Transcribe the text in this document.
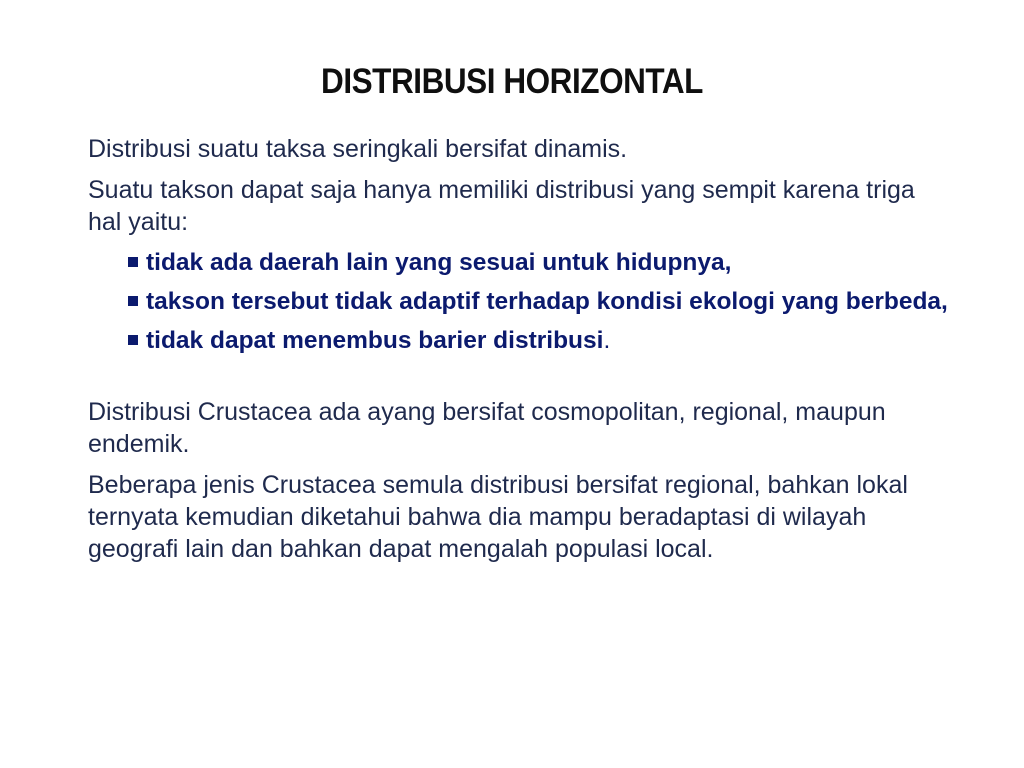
DISTRIBUSI HORIZONTAL

Distribusi suatu taksa seringkali bersifat dinamis.

Suatu takson dapat saja hanya memiliki distribusi yang sempit karena triga hal yaitu:

tidak ada daerah lain yang sesuai untuk hidupnya,
takson tersebut tidak adaptif terhadap kondisi ekologi yang berbeda,
tidak dapat menembus barier distribusi.

Distribusi Crustacea ada ayang bersifat cosmopolitan, regional, maupun endemik.

Beberapa jenis Crustacea semula distribusi bersifat regional, bahkan lokal ternyata kemudian diketahui bahwa dia mampu beradaptasi di wilayah geografi lain dan bahkan dapat mengalah populasi local.
